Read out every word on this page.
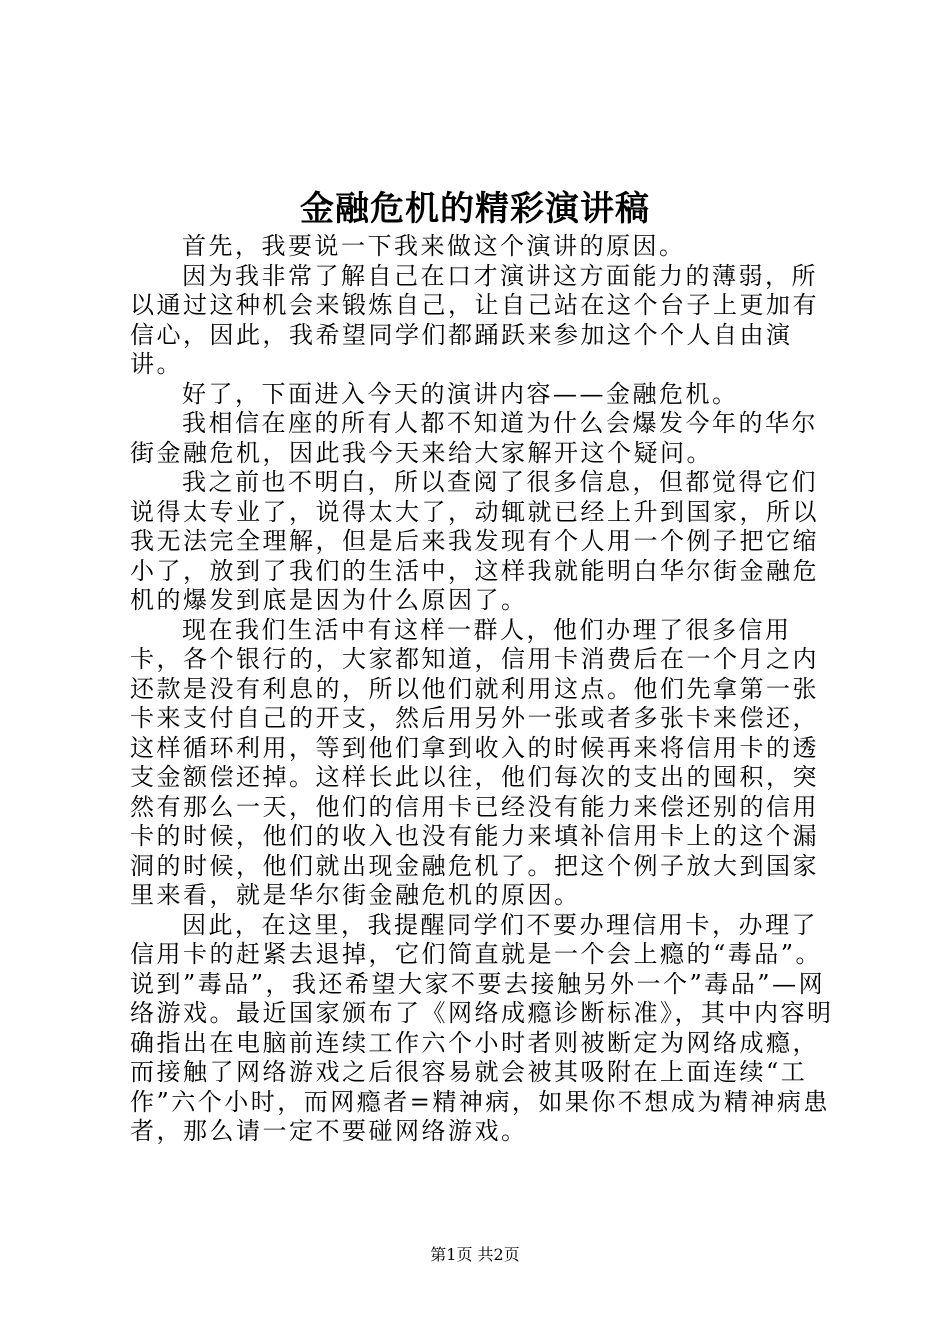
金融危机的精彩演讲稿

首先，我要说一下我来做这个演讲的原因。

因为我非常了解自己在口才演讲这方面能力的薄弱，所以通过这种机会来锻炼自己，让自己站在这个台子上更加有信心，因此，我希望同学们都踊跃来参加这个个人自由演讲。

好了，下面进入今天的演讲内容——金融危机。

我相信在座的所有人都不知道为什么会爆发今年的华尔街金融危机，因此我今天来给大家解开这个疑问。

我之前也不明白，所以查阅了很多信息，但都觉得它们说得太专业了，说得太大了，动辄就已经上升到国家，所以我无法完全理解，但是后来我发现有个人用一个例子把它缩小了，放到了我们的生活中，这样我就能明白华尔街金融危机的爆发到底是因为什么原因了。

现在我们生活中有这样一群人，他们办理了很多信用卡，各个银行的，大家都知道，信用卡消费后在一个月之内还款是没有利息的，所以他们就利用这点。他们先拿第一张卡来支付自己的开支，然后用另外一张或者多张卡来偿还，这样循环利用，等到他们拿到收入的时候再来将信用卡的透支金额偿还掉。这样长此以往，他们每次的支出的囤积，突然有那么一天，他们的信用卡已经没有能力来偿还别的信用卡的时候，他们的收入也没有能力来填补信用卡上的这个漏洞的时候，他们就出现金融危机了。把这个例子放大到国家里来看，就是华尔街金融危机的原因。

因此，在这里，我提醒同学们不要办理信用卡，办理了信用卡的赶紧去退掉，它们简直就是一个会上瘾的“毒品”。说到”毒品”，我还希望大家不要去接触另外一个”毒品”—网络游戏。最近国家颁布了《网络成瘾诊断标准》，其中内容明确指出在电脑前连续工作六个小时者则被断定为网络成瘾，而接触了网络游戏之后很容易就会被其吸附在上面连续“工作”六个小时，而网瘾者=精神病，如果你不想成为精神病患者，那么请一定不要碰网络游戏。

第1页 共2页
